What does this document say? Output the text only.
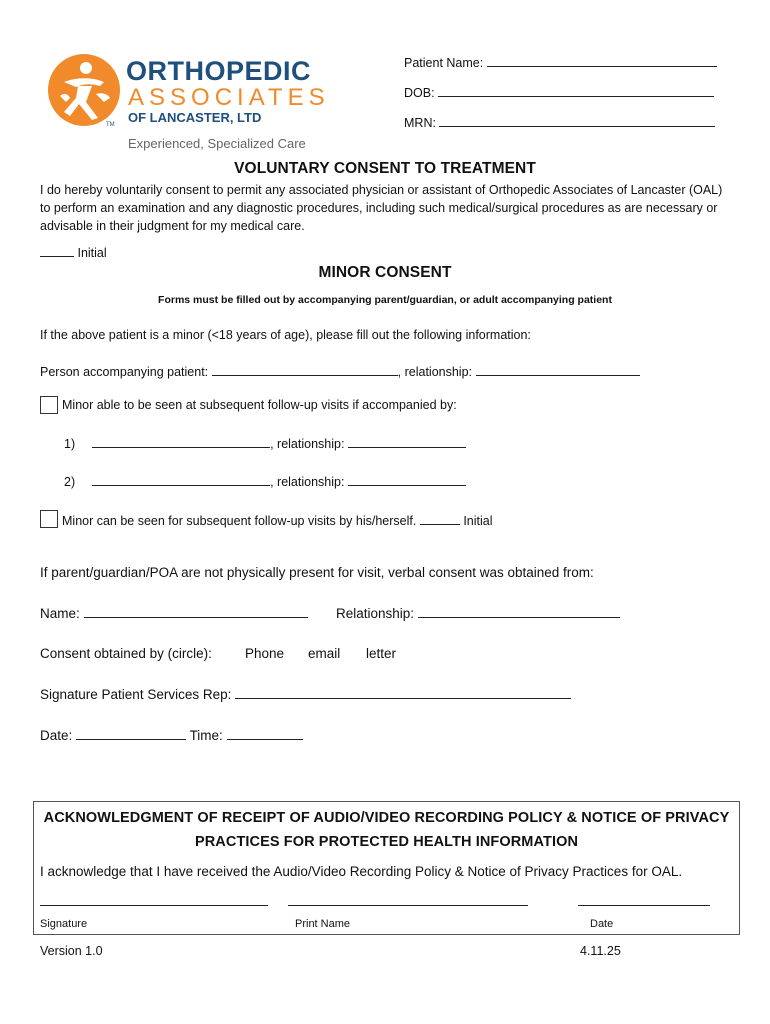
ORTHOPEDIC
ASSOCIATES
OF LANCASTER, LTD
TM
Experienced, Specialized Care
Patient Name:
DOB:
MRN:
VOLUNTARY CONSENT TO TREATMENT
I do hereby voluntarily consent to permit any associated physician or assistant of Orthopedic Associates of Lancaster (OAL)
to perform an examination and any diagnostic procedures, including such medical/surgical procedures as are necessary or
advisable in their judgment for my medical care.
Initial
MINOR CONSENT
Forms must be filled out by accompanying parent/guardian, or adult accompanying patient
If the above patient is a minor (<18 years of age), please fill out the following information:
Person accompanying patient:	, relationship:
Minor able to be seen at subsequent follow-up visits if accompanied by:
1)	, relationship:
2)	, relationship:
Minor can be seen for subsequent follow-up visits by his/herself.	Initial
If parent/guardian/POA are not physically present for visit, verbal consent was obtained from:
Name:	Relationship:
Consent obtained by (circle): Phone email letter
Signature Patient Services Rep:
Date:	Time:
ACKNOWLEDGMENT OF RECEIPT OF AUDIO/VIDEO RECORDING POLICY & NOTICE OF PRIVACY
PRACTICES FOR PROTECTED HEALTH INFORMATION
I acknowledge that I have received the Audio/Video Recording Policy & Notice of Privacy Practices for OAL.
Signature	Print Name	Date
Version 1.0	4.11.25
